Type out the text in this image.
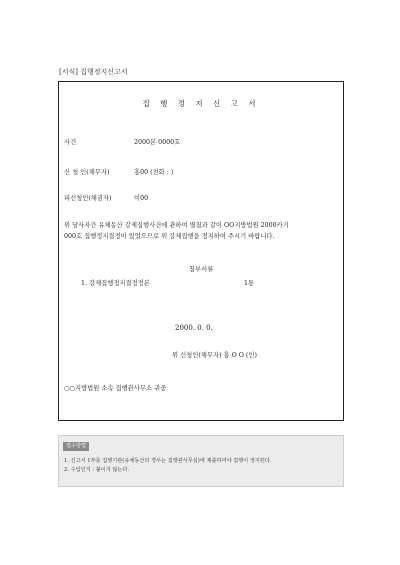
[서식] 집행정지신고서
집 행 정 지 신 고 서
사건	2000본 0000호
신 청 인(채무자)	홍00 (전화 : )
피신청인(채권자)	이00
위 당사자간 유체동산 강제집행사건에 관하여 별첨과 같이 OO지방법원 2000카기
000호 집행정지결정이 있었으므로 위 강제집행을 정지하여 주시기 바랍니다.
첨부서류
1. 강제집행정지결정정본	1통
2000. 0. 0.
위 신청인(채무자) 홍 O O (인)
○○지방법원 소속 집행관사무소 귀중
접수방법
1. 신고서 1부를 집행기관(유체동산의 경우는 집행관사무실)에 제출하여야 집행이 정지된다.
2. 수입인지 : 붙이지 않는다.
